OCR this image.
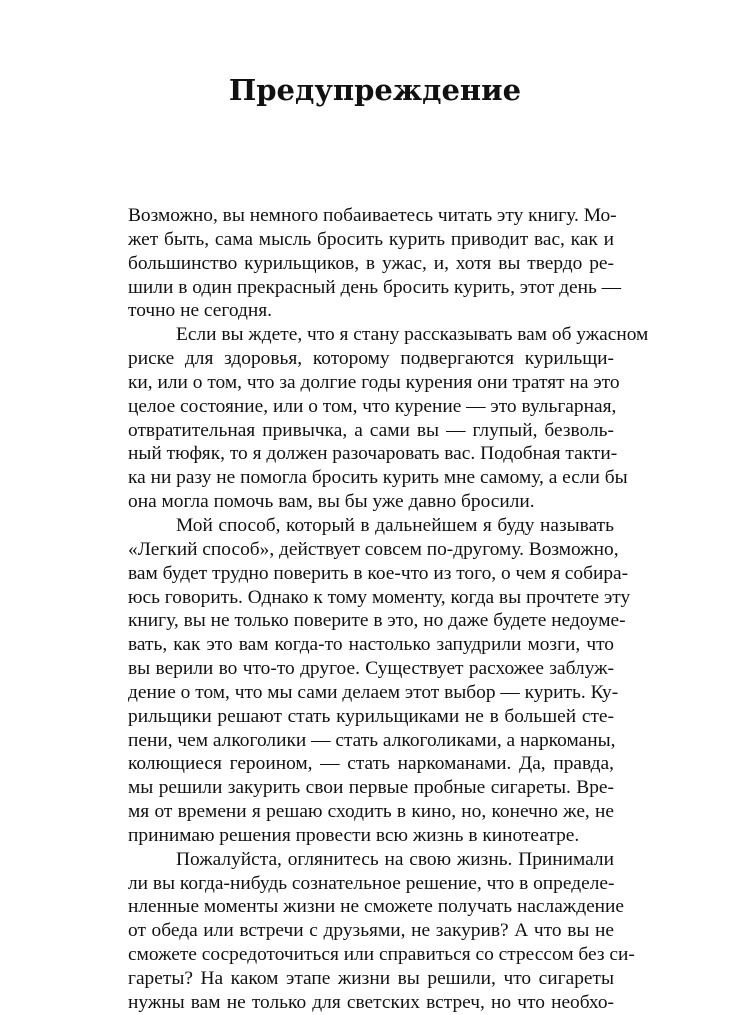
Предупреждение
Возможно, вы немного побаиваетесь читать эту книгу. Мо-
жет быть, сама мысль бросить курить приводит вас, как и
большинство курильщиков, в ужас, и, хотя вы твердо ре-
шили в один прекрасный день бросить курить, этот день —
точно не сегодня.
Если вы ждете, что я стану рассказывать вам об ужасном
риске для здоровья, которому подвергаются курильщи-
ки, или о том, что за долгие годы курения они тратят на это
целое состояние, или о том, что курение — это вульгарная,
отвратительная привычка, а сами вы — глупый, безволь-
ный тюфяк, то я должен разочаровать вас. Подобная такти-
ка ни разу не помогла бросить курить мне самому, а если бы
она могла помочь вам, вы бы уже давно бросили.
Мой способ, который в дальнейшем я буду называть
«Легкий способ», действует совсем по-другому. Возможно,
вам будет трудно поверить в кое-что из того, о чем я собира-
юсь говорить. Однако к тому моменту, когда вы прочтете эту
книгу, вы не только поверите в это, но даже будете недоуме-
вать, как это вам когда-то настолько запудрили мозги, что
вы верили во что-то другое. Существует расхожее заблуж-
дение о том, что мы сами делаем этот выбор — курить. Ку-
рильщики решают стать курильщиками не в большей сте-
пени, чем алкоголики — стать алкоголиками, а наркоманы,
колющиеся героином, — стать наркоманами. Да, правда,
мы решили закурить свои первые пробные сигареты. Вре-
мя от времени я решаю сходить в кино, но, конечно же, не
принимаю решения провести всю жизнь в кинотеатре.
Пожалуйста, оглянитесь на свою жизнь. Принимали
ли вы когда-нибудь сознательное решение, что в определе-
нленные моменты жизни не сможете получать наслаждение
от обеда или встречи с друзьями, не закурив? А что вы не
сможете сосредоточиться или справиться со стрессом без си-
гареты? На каком этапе жизни вы решили, что сигареты
нужны вам не только для светских встреч, но что необхо-
